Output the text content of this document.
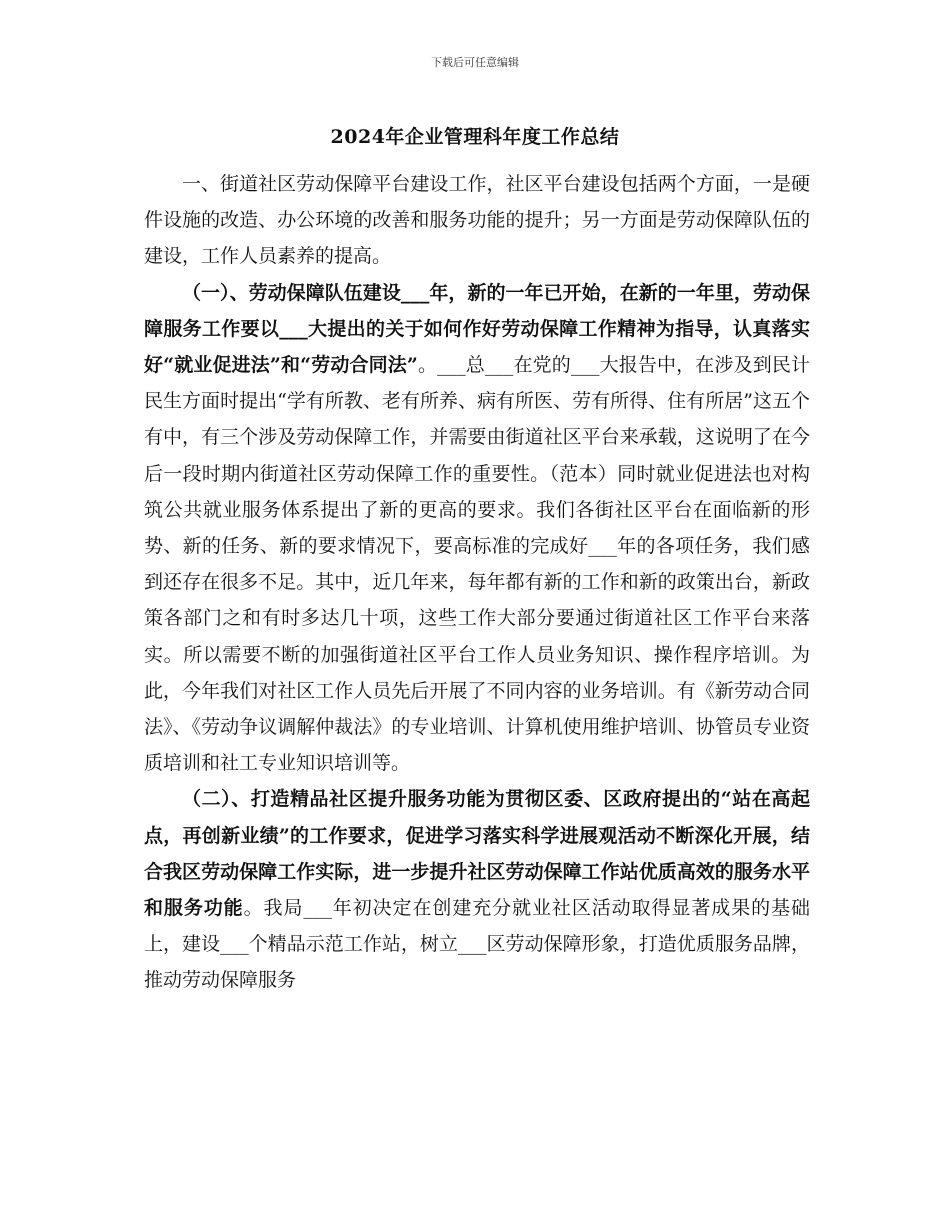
下载后可任意编辑
2024年企业管理科年度工作总结

一、街道社区劳动保障平台建设工作，社区平台建设包括两个方面，一是硬件设施的改造、办公环境的改善和服务功能的提升；另一方面是劳动保障队伍的建设，工作人员素养的提高。

（一）、劳动保障队伍建设___年，新的一年已开始，在新的一年里，劳动保障服务工作要以___大提出的关于如何作好劳动保障工作精神为指导，认真落实好“就业促进法”和“劳动合同法”。___总___在党的___大报告中，在涉及到民计民生方面时提出“学有所教、老有所养、病有所医、劳有所得、住有所居”这五个有中，有三个涉及劳动保障工作，并需要由街道社区平台来承载，这说明了在今后一段时期内街道社区劳动保障工作的重要性。（范本）同时就业促进法也对构筑公共就业服务体系提出了新的更高的要求。我们各街社区平台在面临新的形势、新的任务、新的要求情况下，要高标准的完成好___年的各项任务，我们感到还存在很多不足。其中，近几年来，每年都有新的工作和新的政策出台，新政策各部门之和有时多达几十项，这些工作大部分要通过街道社区工作平台来落实。所以需要不断的加强街道社区平台工作人员业务知识、操作程序培训。为此，今年我们对社区工作人员先后开展了不同内容的业务培训。有《新劳动合同法》、《劳动争议调解仲裁法》的专业培训、计算机使用维护培训、协管员专业资质培训和社工专业知识培训等。

（二）、打造精品社区提升服务功能为贯彻区委、区政府提出的“站在高起点，再创新业绩”的工作要求，促进学习落实科学进展观活动不断深化开展，结合我区劳动保障工作实际，进一步提升社区劳动保障工作站优质高效的服务水平和服务功能。我局___年初决定在创建充分就业社区活动取得显著成果的基础上，建设___个精品示范工作站，树立___区劳动保障形象，打造优质服务品牌，推动劳动保障服务
